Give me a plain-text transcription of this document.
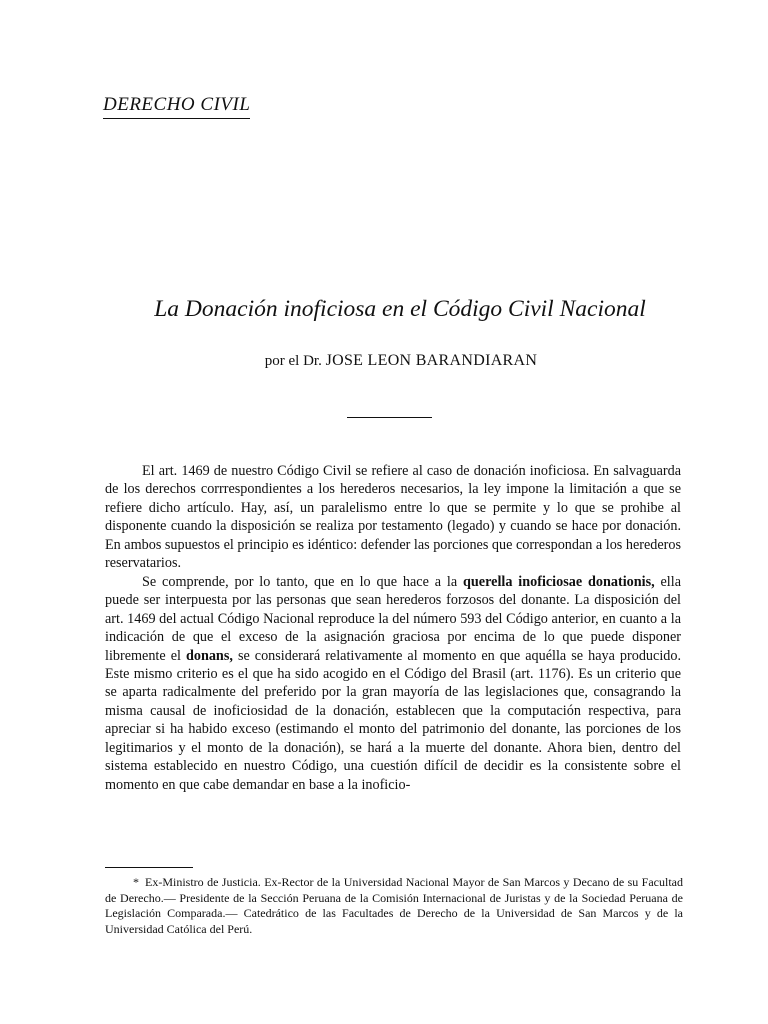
DERECHO CIVIL
La Donación inoficiosa en el Código Civil Nacional
por el Dr. JOSE LEON BARANDIARAN

El art. 1469 de nuestro Código Civil se refiere al caso de donación inoficiosa. En salvaguarda de los derechos corrrespondientes a los herederos necesarios, la ley impone la limitación a que se refiere dicho artículo. Hay, así, un paralelismo entre lo que se permite y lo que se prohibe al disponente cuando la disposición se realiza por testamento (legado) y cuando se hace por donación. En ambos supuestos el principio es idéntico: defender las porciones que correspondan a los herederos reservatarios.

Se comprende, por lo tanto, que en lo que hace a la querella inoficiosae donationis, ella puede ser interpuesta por las personas que sean herederos forzosos del donante. La disposición del art. 1469 del actual Código Nacional reproduce la del número 593 del Código anterior, en cuanto a la indicación de que el exceso de la asignación graciosa por encima de lo que puede disponer libremente el donans, se considerará relativamente al momento en que aquélla se haya producido. Este mismo criterio es el que ha sido acogido en el Código del Brasil (art. 1176). Es un criterio que se aparta radicalmente del preferido por la gran mayoría de las legislaciones que, consagrando la misma causal de inoficiosidad de la donación, establecen que la computación respectiva, para apreciar si ha habido exceso (estimando el monto del patrimonio del donante, las porciones de los legitimarios y el monto de la donación), se hará a la muerte del donante. Ahora bien, dentro del sistema establecido en nuestro Código, una cuestión difícil de decidir es la consistente sobre el momento en que cabe demandar en base a la inoficio-

* Ex-Ministro de Justicia. Ex-Rector de la Universidad Nacional Mayor de San Marcos y Decano de su Facultad de Derecho.— Presidente de la Sección Peruana de la Comisión Internacional de Juristas y de la Sociedad Peruana de Legislación Comparada.— Catedrático de las Facultades de Derecho de la Universidad de San Marcos y de la Universidad Católica del Perú.
